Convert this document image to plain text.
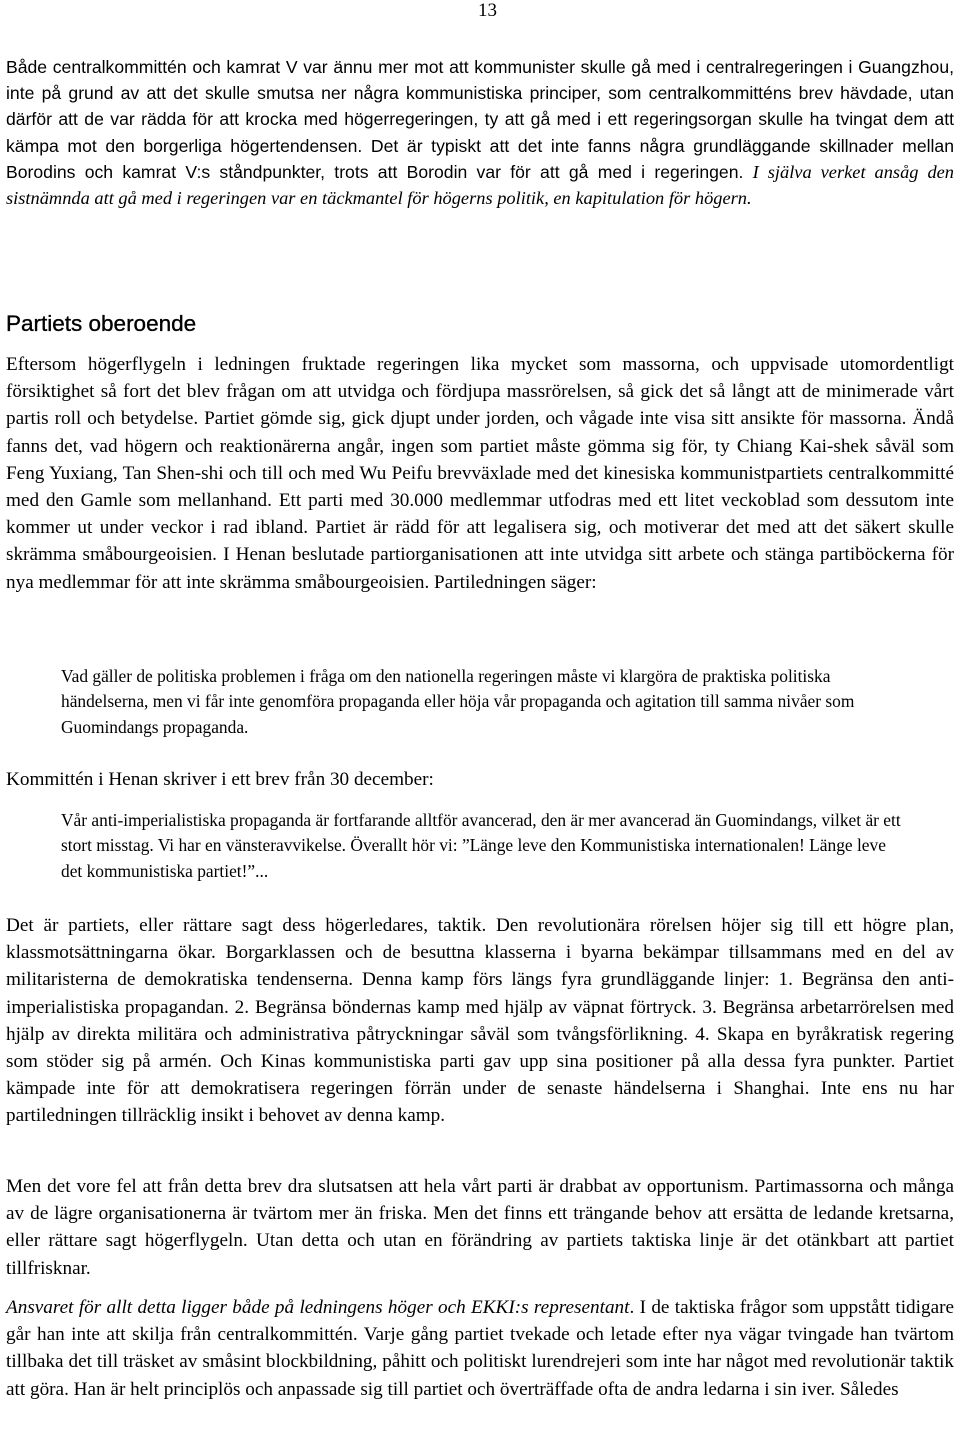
13

Både centralkommittén och kamrat V var ännu mer mot att kommunister skulle gå med i centralregeringen i Guangzhou, inte på grund av att det skulle smutsa ner några kommunistiska principer, som centralkommitténs brev hävdade, utan därför att de var rädda för att krocka med högerregeringen, ty att gå med i ett regeringsorgan skulle ha tvingat dem att kämpa mot den borgerliga högertendensen. Det är typiskt att det inte fanns några grundläggande skillnader mellan Borodins och kamrat V:s ståndpunkter, trots att Borodin var för att gå med i regeringen. I själva verket ansåg den sistnämnda att gå med i regeringen var en täckmantel för högerns politik, en kapitulation för högern.

Partiets oberoende

Eftersom högerflygeln i ledningen fruktade regeringen lika mycket som massorna, och uppvisade utomordentligt försiktighet så fort det blev frågan om att utvidga och fördjupa massrörelsen, så gick det så långt att de minimerade vårt partis roll och betydelse. Partiet gömde sig, gick djupt under jorden, och vågade inte visa sitt ansikte för massorna. Ändå fanns det, vad högern och reaktionärerna angår, ingen som partiet måste gömma sig för, ty Chiang Kai-shek såväl som Feng Yuxiang, Tan Shen-shi och till och med Wu Peifu brevväxlade med det kinesiska kommunistpartiets centralkommitté med den Gamle som mellanhand. Ett parti med 30.000 medlemmar utfodras med ett litet veckoblad som dessutom inte kommer ut under veckor i rad ibland. Partiet är rädd för att legalisera sig, och motiverar det med att det säkert skulle skrämma småbourgeoisien. I Henan beslutade partiorganisationen att inte utvidga sitt arbete och stänga partiböckerna för nya medlemmar för att inte skrämma småbourgeoisien. Partiledningen säger:

Vad gäller de politiska problemen i fråga om den nationella regeringen måste vi klargöra de praktiska politiska händelserna, men vi får inte genomföra propaganda eller höja vår propaganda och agitation till samma nivåer som Guomindangs propaganda.

Kommittén i Henan skriver i ett brev från 30 december:

Vår anti-imperialistiska propaganda är fortfarande alltför avancerad, den är mer avancerad än Guomindangs, vilket är ett stort misstag. Vi har en vänsteravvikelse. Överallt hör vi: ”Länge leve den Kommunistiska internationalen! Länge leve det kommunistiska partiet!”...

Det är partiets, eller rättare sagt dess högerledares, taktik. Den revolutionära rörelsen höjer sig till ett högre plan, klassmotsättningarna ökar. Borgarklassen och de besuttna klasserna i byarna bekämpar tillsammans med en del av militaristerna de demokratiska tendenserna. Denna kamp förs längs fyra grundläggande linjer: 1. Begränsa den anti-imperialistiska propagandan. 2. Begränsa böndernas kamp med hjälp av väpnat förtryck. 3. Begränsa arbetarrörelsen med hjälp av direkta militära och administrativa påtryckningar såväl som tvångsförlikning. 4. Skapa en byråkratisk regering som stöder sig på armén. Och Kinas kommunistiska parti gav upp sina positioner på alla dessa fyra punkter. Partiet kämpade inte för att demokratisera regeringen förrän under de senaste händelserna i Shanghai. Inte ens nu har partiledningen tillräcklig insikt i behovet av denna kamp.

Men det vore fel att från detta brev dra slutsatsen att hela vårt parti är drabbat av opportunism. Partimassorna och många av de lägre organisationerna är tvärtom mer än friska. Men det finns ett trängande behov att ersätta de ledande kretsarna, eller rättare sagt högerflygeln. Utan detta och utan en förändring av partiets taktiska linje är det otänkbart att partiet tillfrisknar.

Ansvaret för allt detta ligger både på ledningens höger och EKKI:s representant. I de taktiska frågor som uppstått tidigare går han inte att skilja från centralkommittén. Varje gång partiet tvekade och letade efter nya vägar tvingade han tvärtom tillbaka det till träsket av småsint blockbildning, påhitt och politiskt lurendrejeri som inte har något med revolutionär taktik att göra. Han är helt principlös och anpassade sig till partiet och överträffade ofta de andra ledarna i sin iver. Således
